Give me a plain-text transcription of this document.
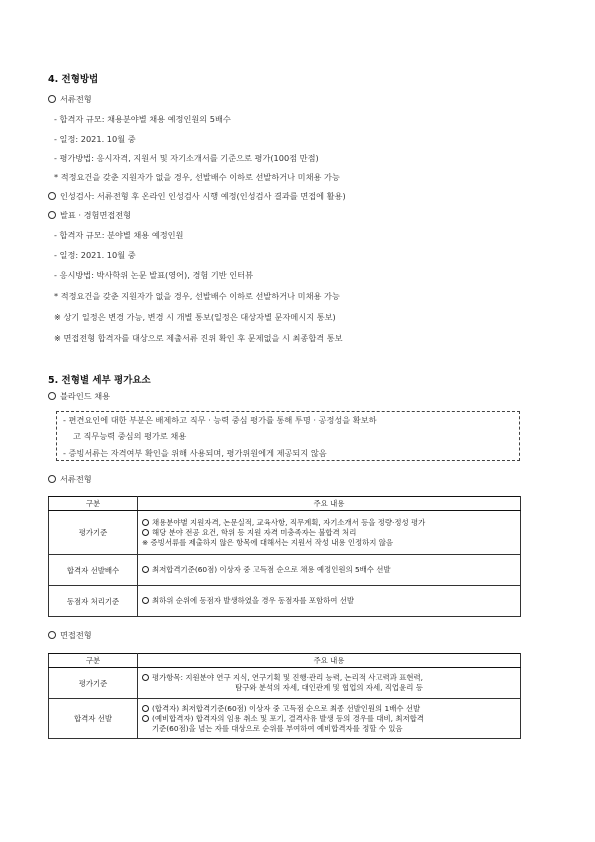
4. 전형방법
서류전형
- 합격자 규모: 채용분야별 채용 예정인원의 5배수
- 일정: 2021. 10월 중
- 평가방법: 응시자격, 지원서 및 자기소개서를 기준으로 평가(100점 만점)
* 적정요건을 갖춘 지원자가 없을 경우, 선발배수 이하로 선발하거나 미채용 가능
인성검사: 서류전형 후 온라인 인성검사 시행 예정(인성검사 결과를 면접에 활용)
발표 · 경험면접전형
- 합격자 규모: 분야별 채용 예정인원
- 일정: 2021. 10월 중
- 응시방법: 박사학위 논문 발표(영어), 경험 기반 인터뷰
* 적정요건을 갖춘 지원자가 없을 경우, 선발배수 이하로 선발하거나 미채용 가능
※ 상기 일정은 변경 가능, 변경 시 개별 통보(일정은 대상자별 문자메시지 통보)
※ 면접전형 합격자를 대상으로 제출서류 진위 확인 후 문제없을 시 최종합격 통보
5. 전형별 세부 평가요소
블라인드 채용
- 편견요인에 대한 부분은 배제하고 직무 · 능력 중심 평가를 통해 투명 · 공정성을 확보하
고 직무능력 중심의 평가로 채용
- 증빙서류는 자격여부 확인을 위해 사용되며, 평가위원에게 제공되지 않음
서류전형
구분	주요 내용
평가기준	채용분야별 지원자격, 논문실적, 교육사항, 직무계획, 자기소개서 등을 정량·정성 평가
해당 분야 전공 요건, 학위 등 지원 자격 미충족자는 불합격 처리
※ 증빙서류를 제출하지 않은 항목에 대해서는 지원서 작성 내용 인정하지 않음

합격자 선발배수	최저합격기준(60점) 이상자 중 고득점 순으로 채용 예정인원의 5배수 선발

동점자 처리기준	최하위 순위에 동점자 발생하였을 경우 동점자를 포함하여 선발
면접전형
구분	주요 내용
평가기준	평가항목: 지원분야 연구 지식, 연구기획 및 진행·관리 능력, 논리적 사고력과 표현력,
탐구와 분석의 자세, 대인관계 및 협업의 자세, 직업윤리 등

합격자 선발	(합격자) 최저합격기준(60점) 이상자 중 고득점 순으로 최종 선발인원의 1배수 선발
(예비합격자) 합격자의 임용 취소 및 포기, 결격사유 발생 등의 경우를 대비, 최저합격
기준(60점)을 넘는 자를 대상으로 순위를 부여하여 예비합격자를 정할 수 있음
